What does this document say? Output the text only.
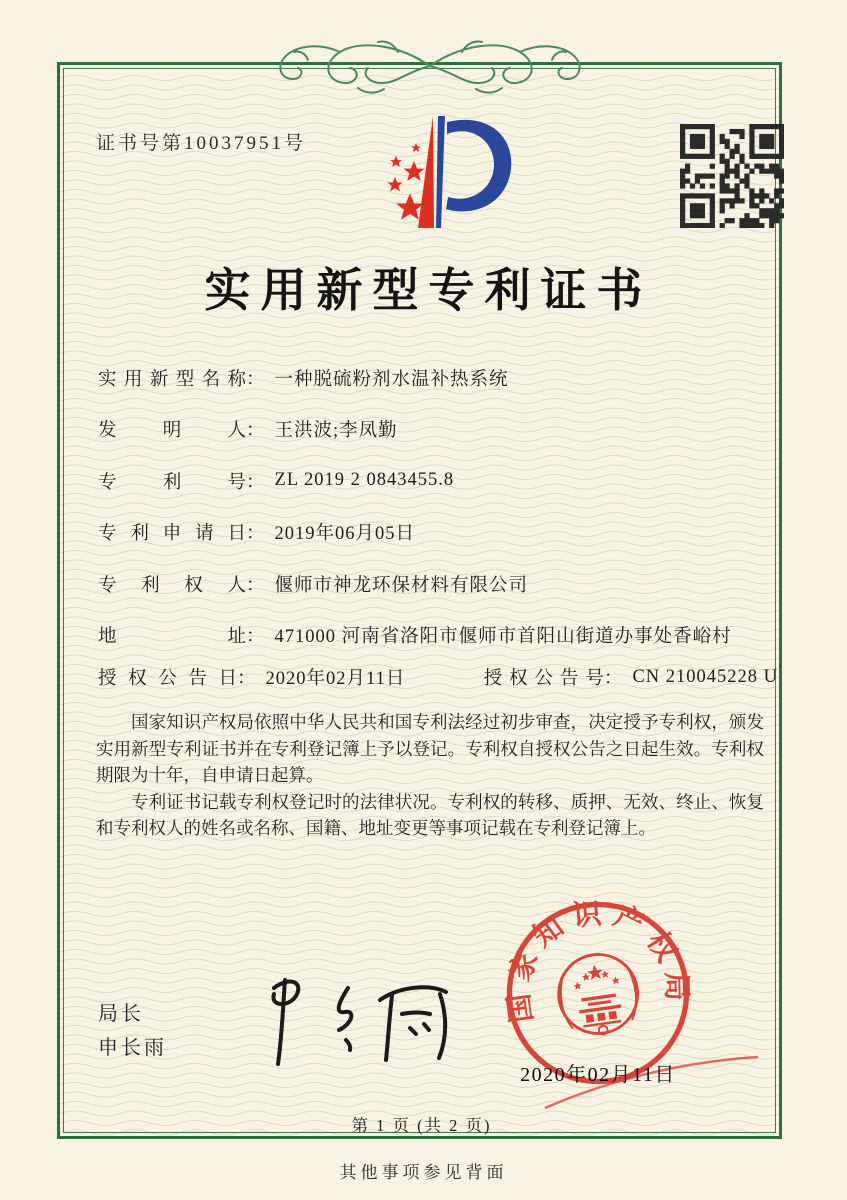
证书号第10037951号
实用新型专利证书
实用新型名称 ： 一种脱硫粉剂水温补热系统
发明人 ： 王洪波;李凤勤
专利号 ： ZL 2019 2 0843455.8
专利申请日 ： 2019年06月05日
专利权人 ： 偃师市神龙环保材料有限公司
地址 ： 471000 河南省洛阳市偃师市首阳山街道办事处香峪村
授权公告日 ： 2020年02月11日	授权公告号 ： CN 210045228 U

国家知识产权局依照中华人民共和国专利法经过初步审查，决定授予专利权，颁发实用新型专利证书并在专利登记簿上予以登记。专利权自授权公告之日起生效。专利权期限为十年，自申请日起算。

专利证书记载专利权登记时的法律状况。专利权的转移、质押、无效、终止、恢复和专利权人的姓名或名称、国籍、地址变更等事项记载在专利登记簿上。

局长
申长雨
国家知识产权局
2020年02月11日
第 1 页 (共 2 页)
其他事项参见背面
